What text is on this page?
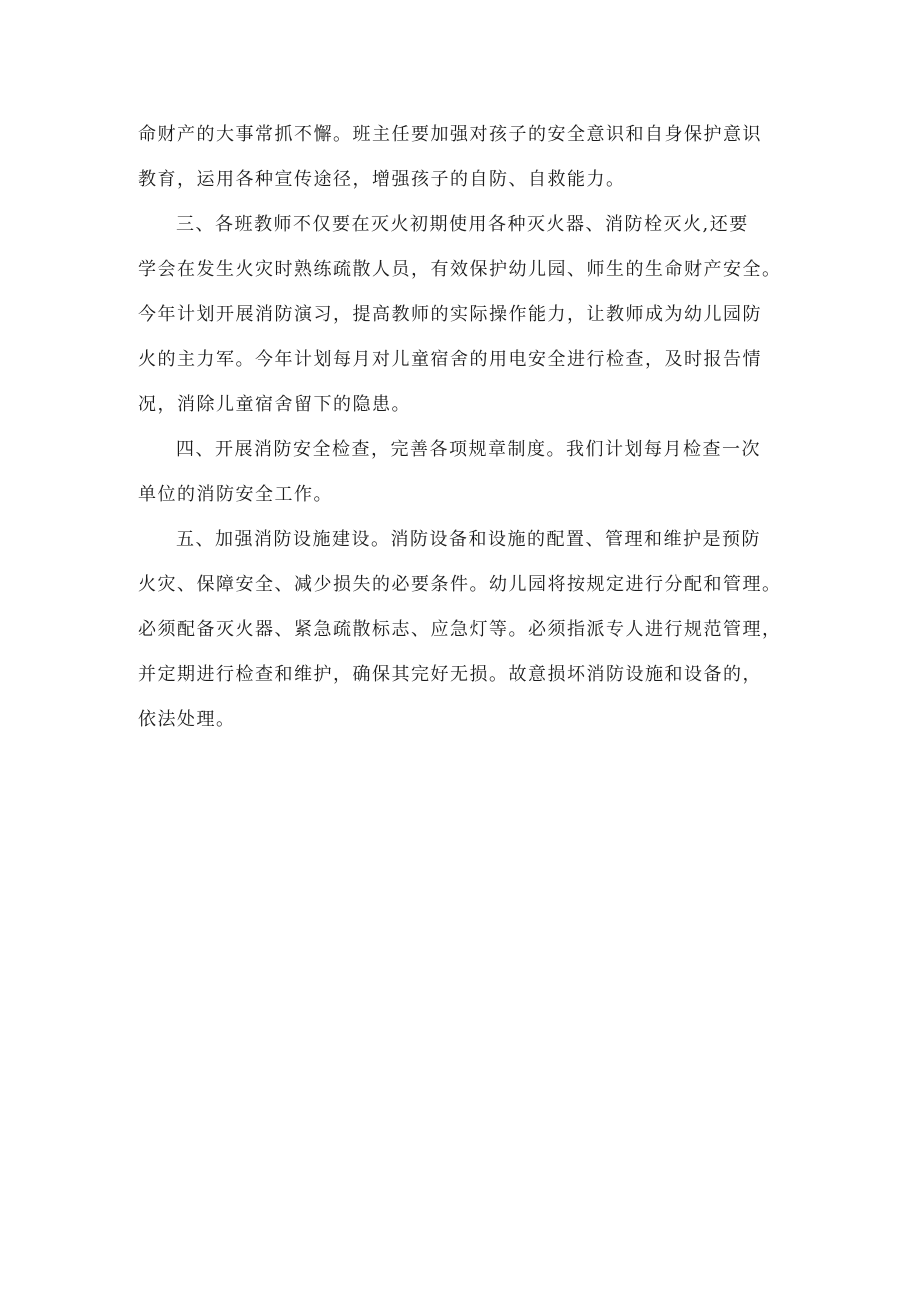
命财产的大事常抓不懈。班主任要加强对孩子的安全意识和自身保护意识
教育，运用各种宣传途径，增强孩子的自防、自救能力。
三、各班教师不仅要在灭火初期使用各种灭火器、消防栓灭火,还要
学会在发生火灾时熟练疏散人员，有效保护幼儿园、师生的生命财产安全。
今年计划开展消防演习，提高教师的实际操作能力，让教师成为幼儿园防
火的主力军。今年计划每月对儿童宿舍的用电安全进行检查，及时报告情
况，消除儿童宿舍留下的隐患。
四、开展消防安全检查，完善各项规章制度。我们计划每月检查一次
单位的消防安全工作。
五、加强消防设施建设。消防设备和设施的配置、管理和维护是预防
火灾、保障安全、减少损失的必要条件。幼儿园将按规定进行分配和管理。
必须配备灭火器、紧急疏散标志、应急灯等。必须指派专人进行规范管理，
并定期进行检查和维护，确保其完好无损。故意损坏消防设施和设备的，
依法处理。
